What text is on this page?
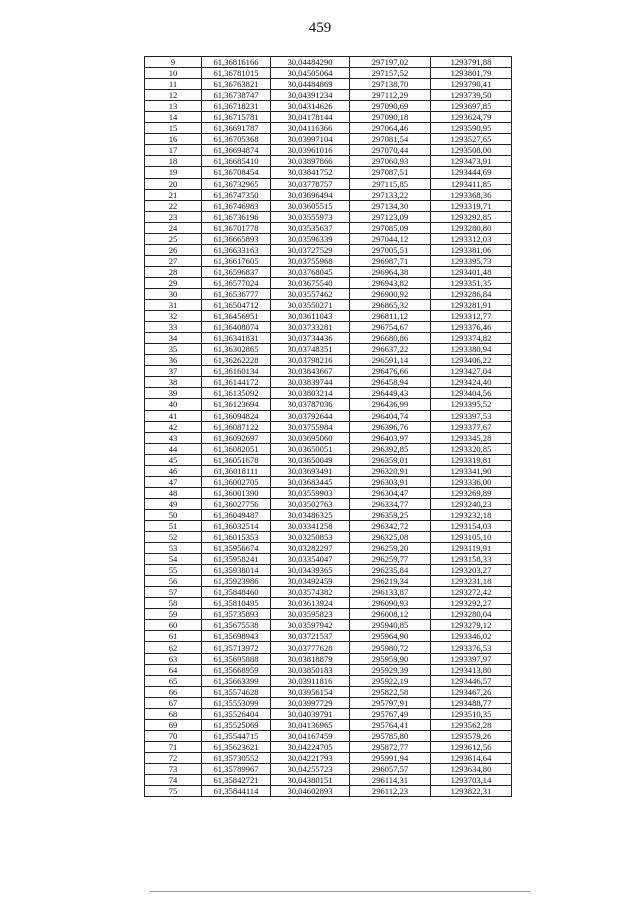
459
9	61,36816166	30,04484290	297197,02	1293791,88
10	61,36781015	30,04505064	297157,52	1293801,79
11	61,36763821	30,04484869	297138,70	1293790,41
12	61,36738747	30,04391234	297112,29	1293739,50
13	61,36718231	30,04314626	297090,69	1293697,85
14	61,36715781	30,04178144	297090,18	1293624,79
15	61,36691787	30,04116366	297064,46	1293590,95
16	61,36705368	30,03997104	297081,54	1293527,65
17	61,36694874	30,03961016	297070,44	1293508,00
18	61,36685410	30,03897866	297060,93	1293473,91
19	61,36708454	30,03841752	297087,51	1293444,69
20	61,36732965	30,03778757	297115,85	1293411,85
21	61,36747350	30,03696494	297133,22	1293368,36
22	61,36746983	30,03605515	297134,30	1293319,71
23	61,36736196	30,03555973	297123,09	1293292,85
24	61,36701778	30,03535637	297085,09	1293280,80
25	61,36665893	30,03596339	297044,12	1293312,03
26	61,36633163	30,03727529	297005,51	1293381,06
27	61,36617605	30,03755968	296987,71	1293395,73
28	61,36596837	30,03768045	296964,38	1293401,48
29	61,36577024	30,03675540	296943,82	1293351,35
30	61,36536777	30,03557462	296900,92	1293286,84
31	61,36504712	30,03550271	296865,32	1293281,91
32	61,36456951	30,03611043	296811,12	1293312,77
33	61,36408074	30,03733281	296754,67	1293376,46
34	61,36341831	30,03734436	296680,86	1293374,82
35	61,36302865	30,03748351	296637,22	1293380,94
36	61,36262228	30,03798216	296591,14	1293406,22
37	61,36160134	30,03843667	296476,66	1293427,04
38	61,36144172	30,03839744	296458,94	1293424,40
39	61,36135092	30,03803214	296449,43	1293404,56
40	61,36123694	30,03787036	296436,99	1293395,52
41	61,36094824	30,03792644	296404,74	1293397,53
42	61,36087122	30,03755984	296396,76	1293377,67
43	61,36092697	30,03695060	296403,97	1293345,28
44	61,36082051	30,03650051	296392,85	1293320,85
45	61,36051678	30,03650049	296359,01	1293319,81
46	61,36018111	30,03693491	296320,91	1293341,90
47	61,36002705	30,03683445	296303,91	1293336,00
48	61,36001390	30,03559903	296304,47	1293269,89
49	61,36027756	30,03502763	296334,77	1293240,23
50	61,36049487	30,03486325	296359,25	1293232,18
51	61,36032514	30,03341258	296342,72	1293154,03
52	61,36015353	30,03250853	296325,08	1293105,10
53	61,35956674	30,03282297	296259,20	1293119,91
54	61,35958241	30,03354047	296259,77	1293158,33
55	61,35938014	30,03439365	296235,84	1293203,27
56	61,35923986	30,03492459	296219,34	1293231,18
57	61,35848460	30,03574382	296133,87	1293272,42
58	61,35810495	30,03613924	296090,93	1293292,27
59	61,35735893	30,03595823	296008,12	1293280,04
60	61,35675538	30,03597942	295940,85	1293279,12
61	61,35698943	30,03721537	295964,90	1293346,02
62	61,35713972	30,03777628	295980,72	1293376,53
63	61,35695888	30,03818879	295959,90	1293397,97
64	61,35668959	30,03850183	295929,39	1293413,80
65	61,35663399	30,03911816	295922,19	1293446,57
66	61,35574628	30,03956154	295822,58	1293467,26
67	61,35553099	30,03997729	295797,91	1293488,77
68	61,35526404	30,04039791	295767,49	1293510,35
69	61,35525069	30,04136965	295764,41	1293562,28
70	61,35544715	30,04167459	295785,80	1293579,26
71	61,35623621	30,04224705	295872,77	1293612,56
72	61,35730552	30,04221793	295991,94	1293614,64
73	61,35789967	30,04255723	296057,57	1293634,80
74	61,35842721	30,04380151	296114,31	1293703,14
75	61,35844114	30,04602893	296112,23	1293822,31
